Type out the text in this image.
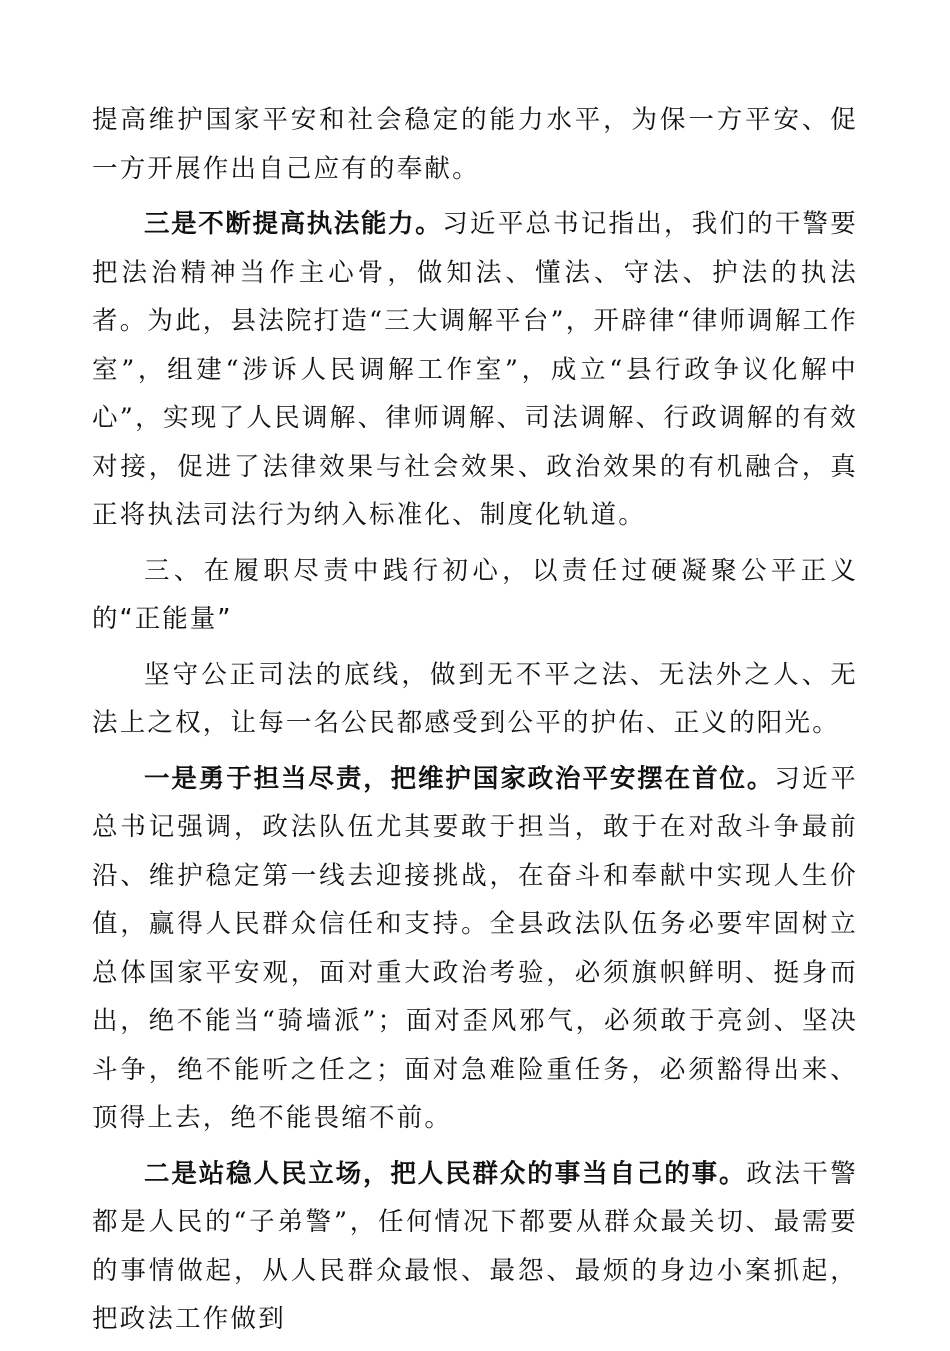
提高维护国家平安和社会稳定的能力水平，为保一方平安、促一方开展作出自己应有的奉献。

三是不断提高执法能力。习近平总书记指出，我们的干警要把法治精神当作主心骨，做知法、懂法、守法、护法的执法者。为此，县法院打造“三大调解平台”，开辟律“律师调解工作室”，组建“涉诉人民调解工作室”，成立“县行政争议化解中心”，实现了人民调解、律师调解、司法调解、行政调解的有效对接，促进了法律效果与社会效果、政治效果的有机融合，真正将执法司法行为纳入标准化、制度化轨道。

三、在履职尽责中践行初心，以责任过硬凝聚公平正义的“正能量”

坚守公正司法的底线，做到无不平之法、无法外之人、无法上之权，让每一名公民都感受到公平的护佑、正义的阳光。

一是勇于担当尽责，把维护国家政治平安摆在首位。习近平总书记强调，政法队伍尤其要敢于担当，敢于在对敌斗争最前沿、维护稳定第一线去迎接挑战，在奋斗和奉献中实现人生价值，赢得人民群众信任和支持。全县政法队伍务必要牢固树立总体国家平安观，面对重大政治考验，必须旗帜鲜明、挺身而出，绝不能当“骑墙派”；面对歪风邪气，必须敢于亮剑、坚决斗争，绝不能听之任之；面对急难险重任务，必须豁得出来、顶得上去，绝不能畏缩不前。

二是站稳人民立场，把人民群众的事当自己的事。政法干警都是人民的“子弟警”，任何情况下都要从群众最关切、最需要的事情做起，从人民群众最恨、最怨、最烦的身边小案抓起，把政法工作做到
